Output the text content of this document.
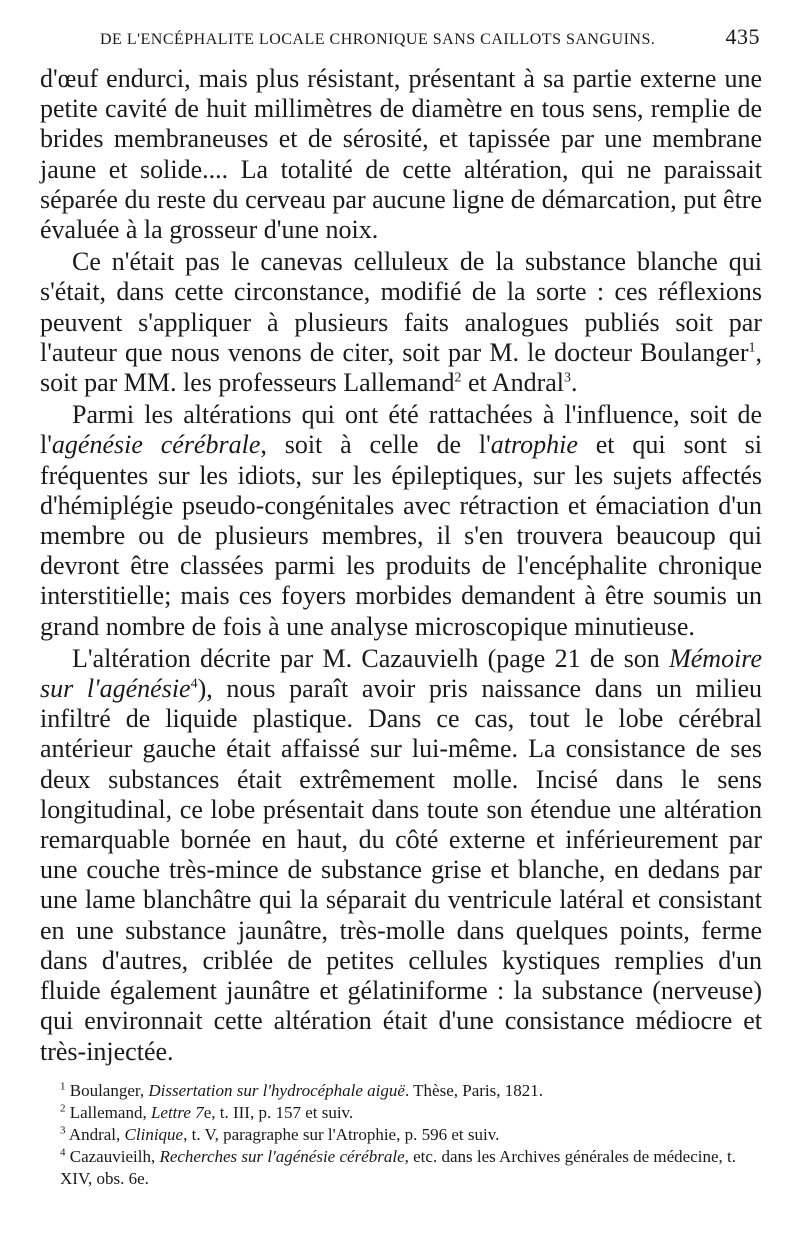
DE L'ENCÉPHALITE LOCALE CHRONIQUE SANS CAILLOTS SANGUINS.	435

d'œuf endurci, mais plus résistant, présentant à sa partie externe une petite cavité de huit millimètres de diamètre en tous sens, remplie de brides membraneuses et de sérosité, et tapissée par une membrane jaune et solide.... La totalité de cette altération, qui ne paraissait séparée du reste du cerveau par aucune ligne de démarcation, put être évaluée à la grosseur d'une noix.

Ce n'était pas le canevas celluleux de la substance blanche qui s'était, dans cette circonstance, modifié de la sorte : ces réflexions peuvent s'appliquer à plusieurs faits analogues publiés soit par l'auteur que nous venons de citer, soit par M. le docteur Boulanger$^1$, soit par MM. les professeurs Lallemand$^2$ et Andral$^3$.

Parmi les altérations qui ont été rattachées à l'influence, soit de l'agénésie cérébrale, soit à celle de l'atrophie et qui sont si fréquentes sur les idiots, sur les épileptiques, sur les sujets affectés d'hémiplégie pseudo-congénitales avec rétraction et émaciation d'un membre ou de plusieurs membres, il s'en trouvera beaucoup qui devront être classées parmi les produits de l'encéphalite chronique interstitielle; mais ces foyers morbides demandent à être soumis un grand nombre de fois à une analyse microscopique minutieuse.

L'altération décrite par M. Cazauvielh (page 21 de son Mémoire sur l'agénésie$^4$), nous paraît avoir pris naissance dans un milieu infiltré de liquide plastique. Dans ce cas, tout le lobe cérébral antérieur gauche était affaissé sur lui-même. La consistance de ses deux substances était extrêmement molle. Incisé dans le sens longitudinal, ce lobe présentait dans toute son étendue une altération remarquable bornée en haut, du côté externe et inférieurement par une couche très-mince de substance grise et blanche, en dedans par une lame blanchâtre qui la séparait du ventricule latéral et consistant en une substance jaunâtre, très-molle dans quelques points, ferme dans d'autres, criblée de petites cellules kystiques remplies d'un fluide également jaunâtre et gélatiniforme : la substance (nerveuse) qui environnait cette altération était d'une consistance médiocre et très-injectée.

$^1$ Boulanger, Dissertation sur l'hydrocéphale aiguë. Thèse, Paris, 1821.

$^2$ Lallemand, Lettre 7e, t. III, p. 157 et suiv.

$^3$ Andral, Clinique, t. V, paragraphe sur l'Atrophie, p. 596 et suiv.

$^4$ Cazauvieilh, Recherches sur l'agénésie cérébrale, etc. dans les Archives générales de médecine, t. XIV, obs. 6e.
